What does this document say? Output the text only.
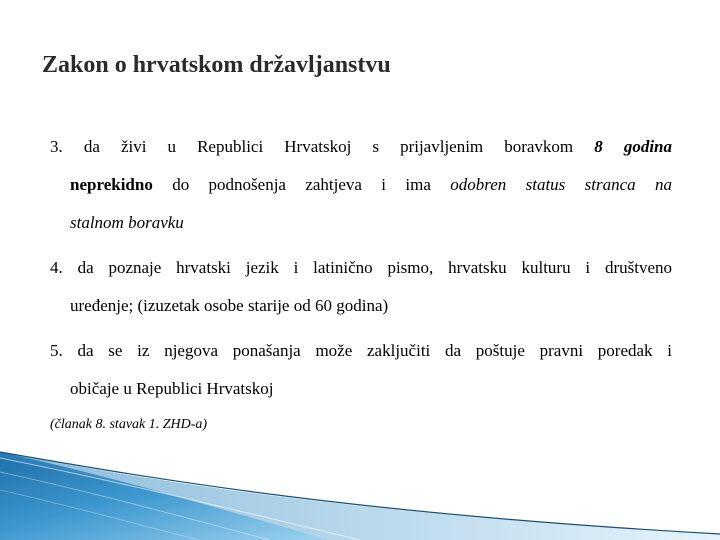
Zakon o hrvatskom državljanstvu
3. da živi u Republici Hrvatskoj s prijavljenim boravkom 8 godina
neprekidno do podnošenja zahtjeva i ima odobren status stranca na
stalnom boravku
4. da poznaje hrvatski jezik i latinično pismo, hrvatsku kulturu i društveno
uređenje; (izuzetak osobe starije od 60 godina)
5. da se iz njegova ponašanja može zaključiti da poštuje pravni poredak i
običaje u Republici Hrvatskoj
(članak 8. stavak 1. ZHD-a)
